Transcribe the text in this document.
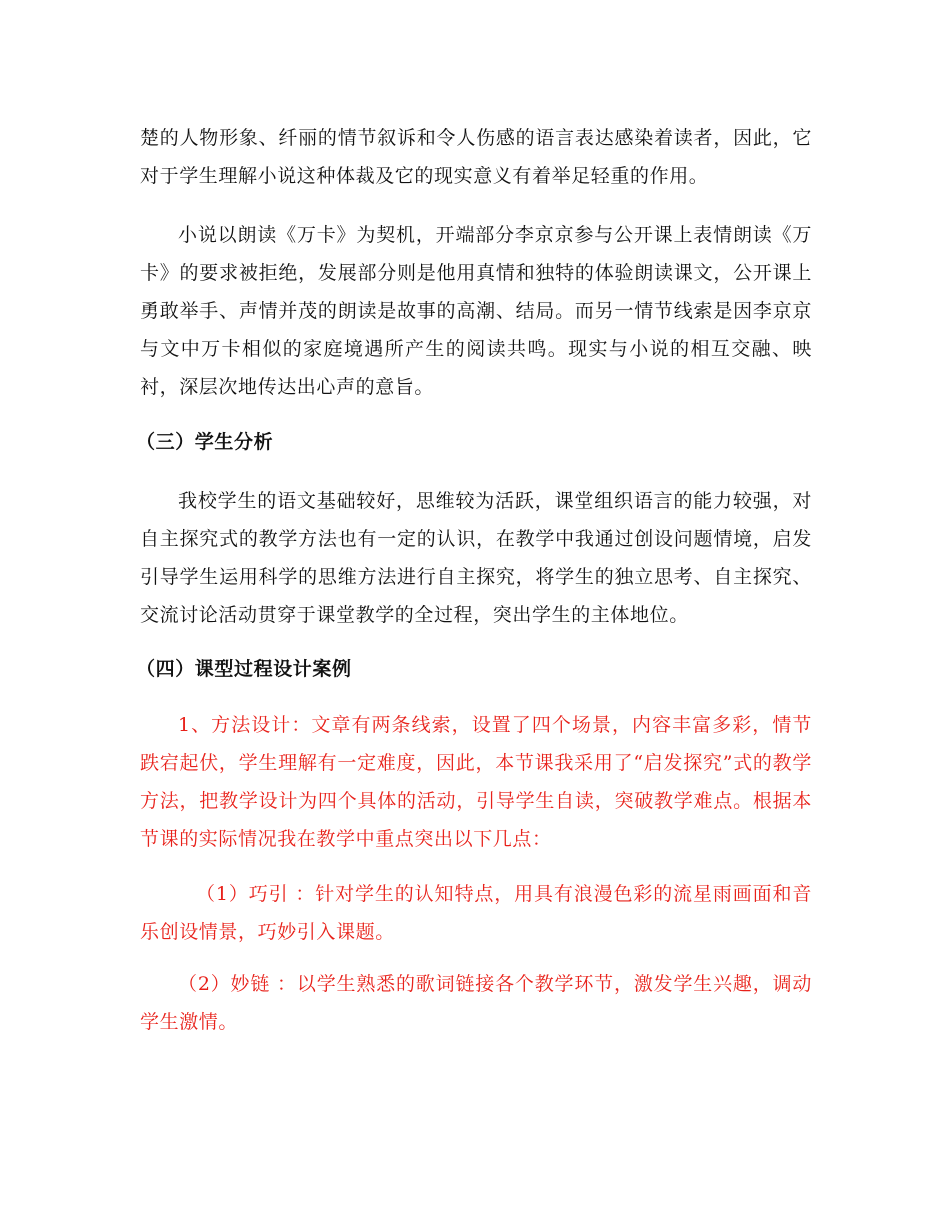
楚的人物形象、纤丽的情节叙诉和令人伤感的语言表达感染着读者，因此，它对于学生理解小说这种体裁及它的现实意义有着举足轻重的作用。

小说以朗读《万卡》为契机，开端部分李京京参与公开课上表情朗读《万卡》的要求被拒绝，发展部分则是他用真情和独特的体验朗读课文，公开课上勇敢举手、声情并茂的朗读是故事的高潮、结局。而另一情节线索是因李京京与文中万卡相似的家庭境遇所产生的阅读共鸣。现实与小说的相互交融、映衬，深层次地传达出心声的意旨。

（三）学生分析

我校学生的语文基础较好，思维较为活跃，课堂组织语言的能力较强，对自主探究式的教学方法也有一定的认识，在教学中我通过创设问题情境，启发引导学生运用科学的思维方法进行自主探究，将学生的独立思考、自主探究、交流讨论活动贯穿于课堂教学的全过程，突出学生的主体地位。

（四）课型过程设计案例

1、方法设计：文章有两条线索，设置了四个场景，内容丰富多彩，情节跌宕起伏，学生理解有一定难度，因此，本节课我采用了“启发探究”式的教学方法，把教学设计为四个具体的活动，引导学生自读，突破教学难点。根据本节课的实际情况我在教学中重点突出以下几点：

（1）巧引 ：针对学生的认知特点，用具有浪漫色彩的流星雨画面和音乐创设情景，巧妙引入课题。

（2）妙链 ：以学生熟悉的歌词链接各个教学环节，激发学生兴趣，调动学生激情。
